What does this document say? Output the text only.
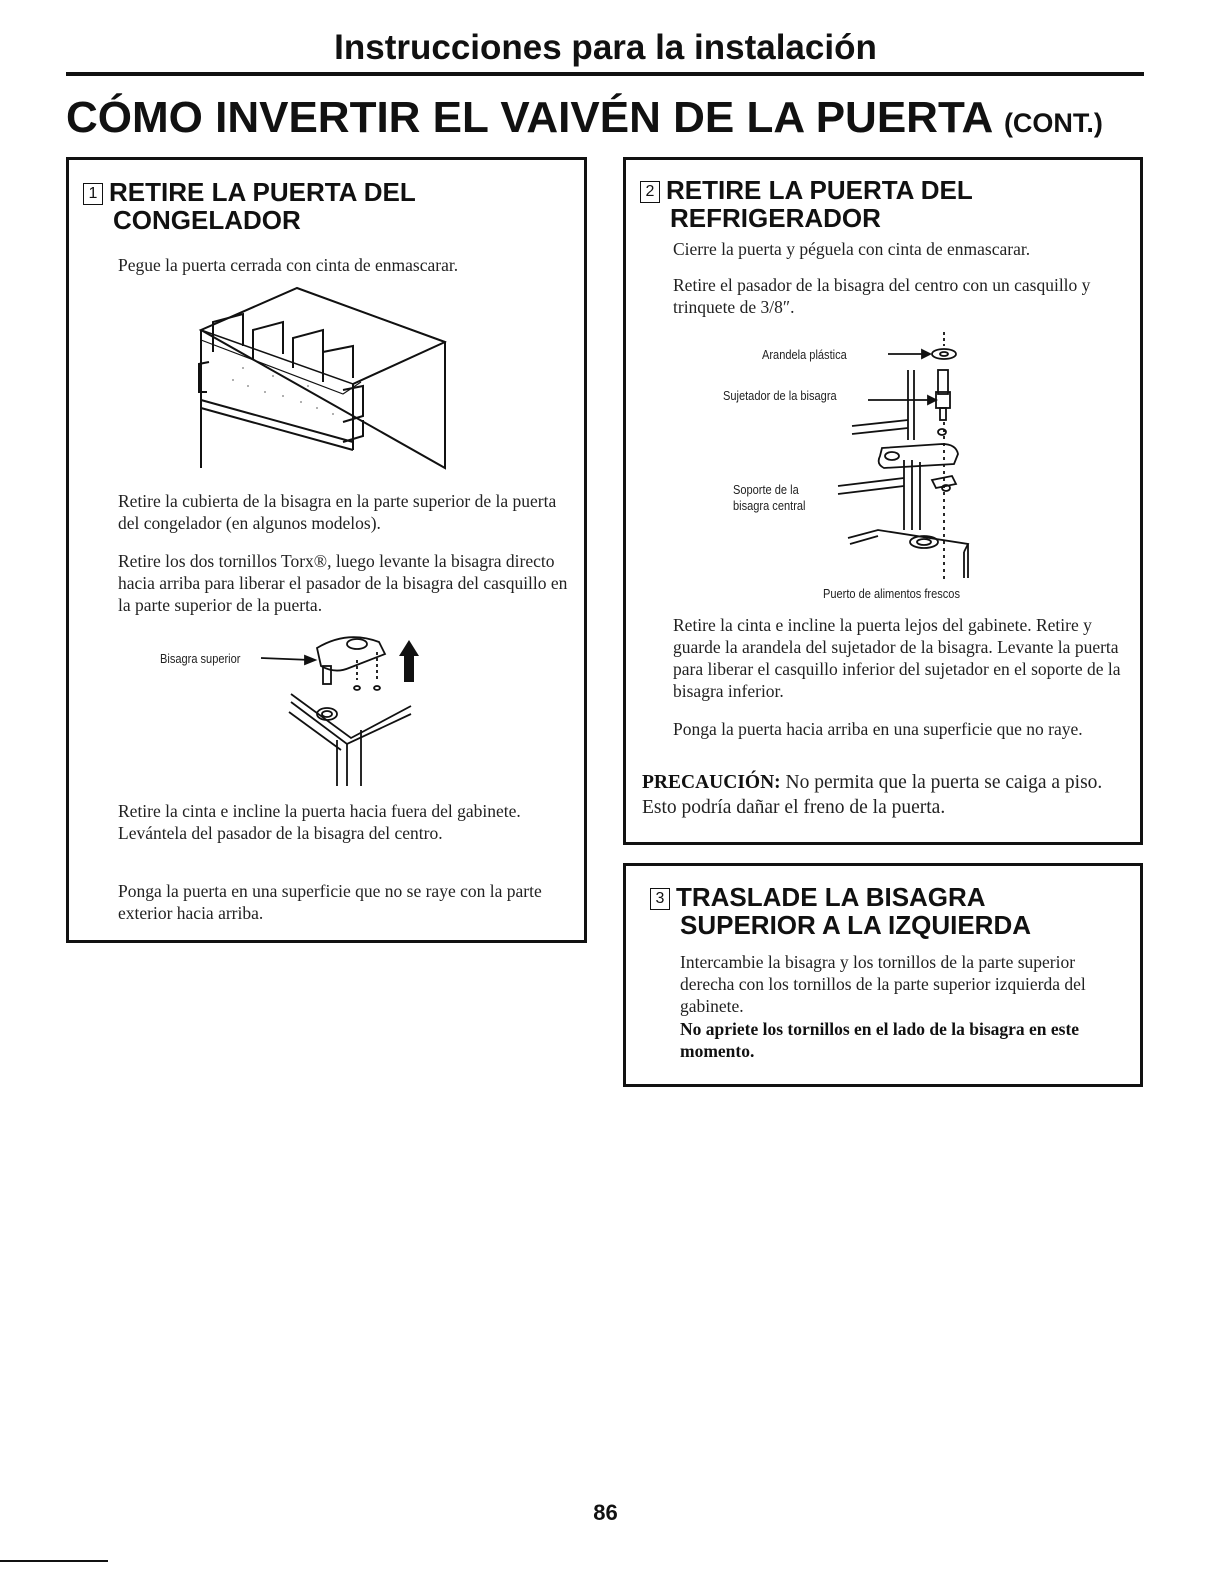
Instrucciones para la instalación
CÓMO INVERTIR EL VAIVÉN DE LA PUERTA (CONT.)
1 RETIRE LA PUERTA DEL
CONGELADOR
Pegue la puerta cerrada con cinta de enmascarar.
Retire la cubierta de la bisagra en la parte superior de la puerta del congelador (en algunos modelos).
Retire los dos tornillos Torx®, luego levante la bisagra directo hacia arriba para liberar el pasador de la bisagra del casquillo en la parte superior de la puerta.
Bisagra superior
Retire la cinta e incline la puerta hacia fuera del gabinete. Levántela del pasador de la bisagra del centro.
Ponga la puerta en una superficie que no se raye con la parte exterior hacia arriba.
2 RETIRE LA PUERTA DEL
REFRIGERADOR
Cierre la puerta y péguela con cinta de enmascarar.
Retire el pasador de la bisagra del centro con un casquillo y trinquete de 3/8″.
Arandela plástica
Sujetador de la bisagra
Soporte de la
bisagra central
Puerto de alimentos frescos
Retire la cinta e incline la puerta lejos del gabinete. Retire y guarde la arandela del sujetador de la bisagra. Levante la puerta para liberar el casquillo inferior del sujetador en el soporte de la bisagra inferior.
Ponga la puerta hacia arriba en una superficie que no raye.
PRECAUCIÓN: No permita que la puerta se caiga a piso. Esto podría dañar el freno de la puerta.
3 TRASLADE LA BISAGRA
SUPERIOR A LA IZQUIERDA
Intercambie la bisagra y los tornillos de la parte superior derecha con los tornillos de la parte superior izquierda del gabinete.
No apriete los tornillos en el lado de la bisagra en este momento.
86
